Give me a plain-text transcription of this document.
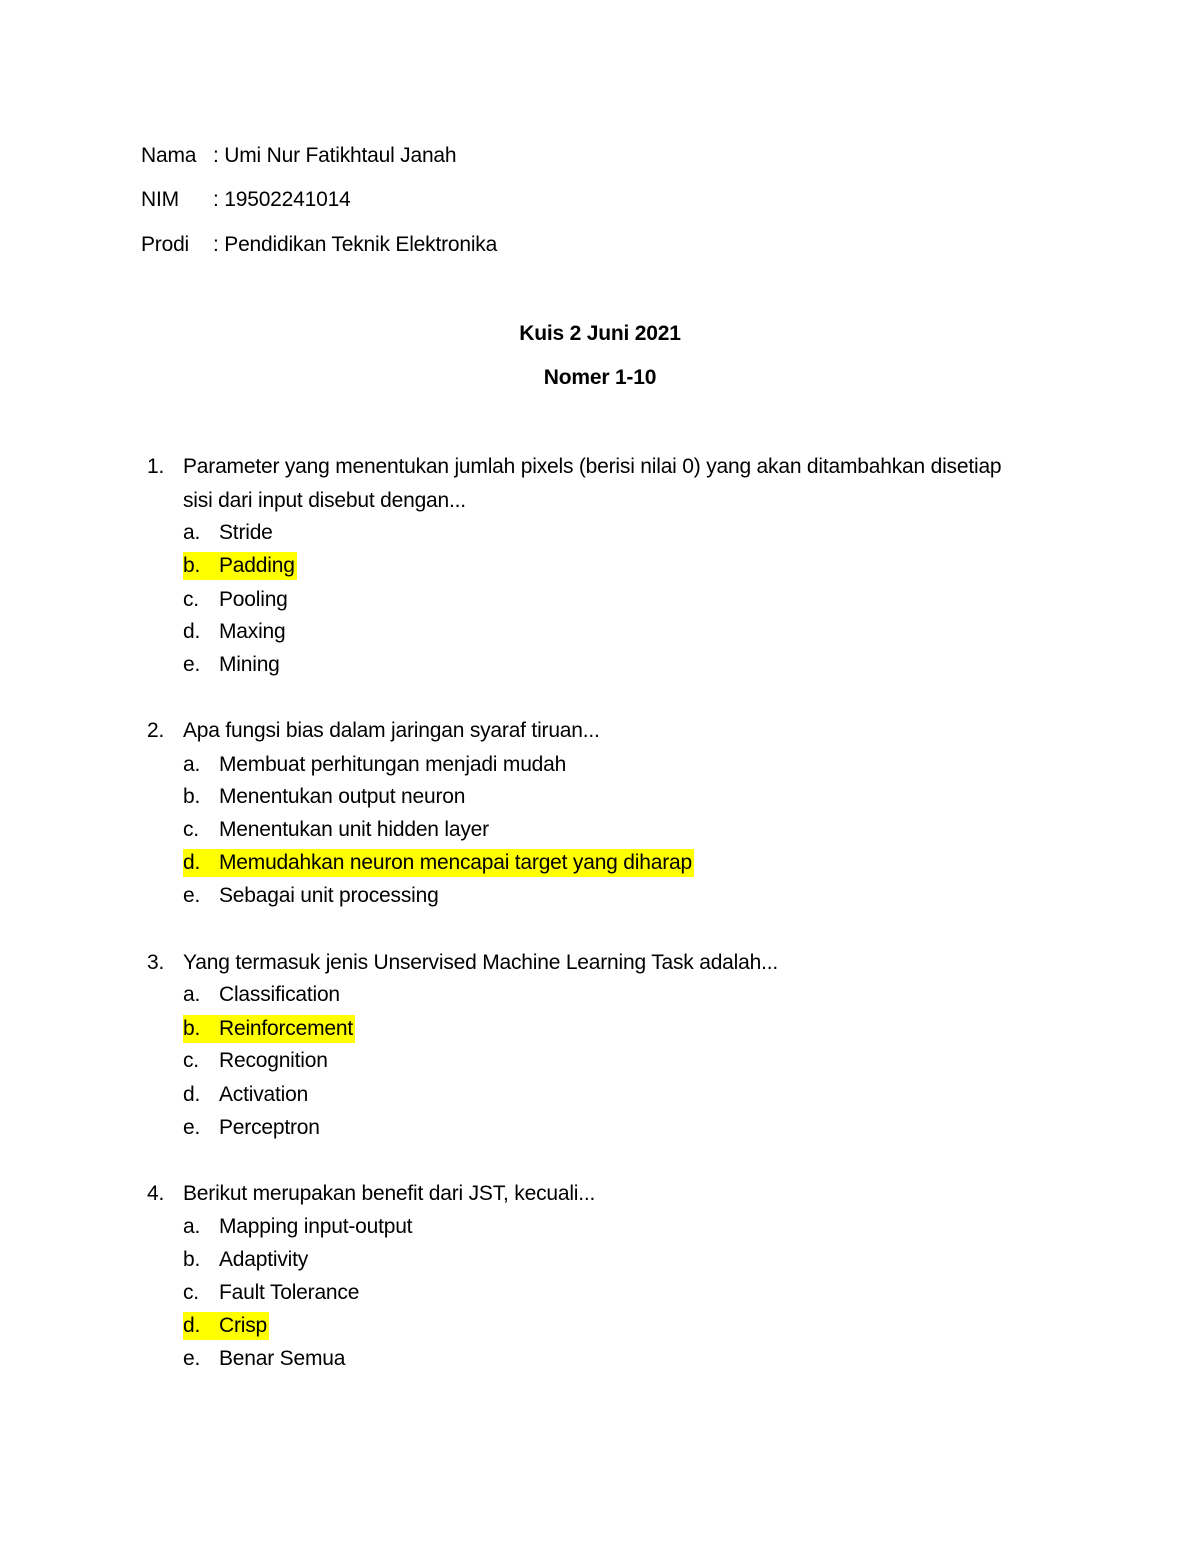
Nama : Umi Nur Fatikhtaul Janah
NIM : 19502241014
Prodi : Pendidikan Teknik Elektronika
Kuis 2 Juni 2021
Nomer 1-10
1. Parameter yang menentukan jumlah pixels (berisi nilai 0) yang akan ditambahkan disetiap
sisi dari input disebut dengan...
a. Stride
b. Padding
c. Pooling
d. Maxing
e. Mining
2. Apa fungsi bias dalam jaringan syaraf tiruan...
a. Membuat perhitungan menjadi mudah
b. Menentukan output neuron
c. Menentukan unit hidden layer
d. Memudahkan neuron mencapai target yang diharap
e. Sebagai unit processing
3. Yang termasuk jenis Unservised Machine Learning Task adalah...
a. Classification
b. Reinforcement
c. Recognition
d. Activation
e. Perceptron
4. Berikut merupakan benefit dari JST, kecuali...
a. Mapping input-output
b. Adaptivity
c. Fault Tolerance
d. Crisp
e. Benar Semua
